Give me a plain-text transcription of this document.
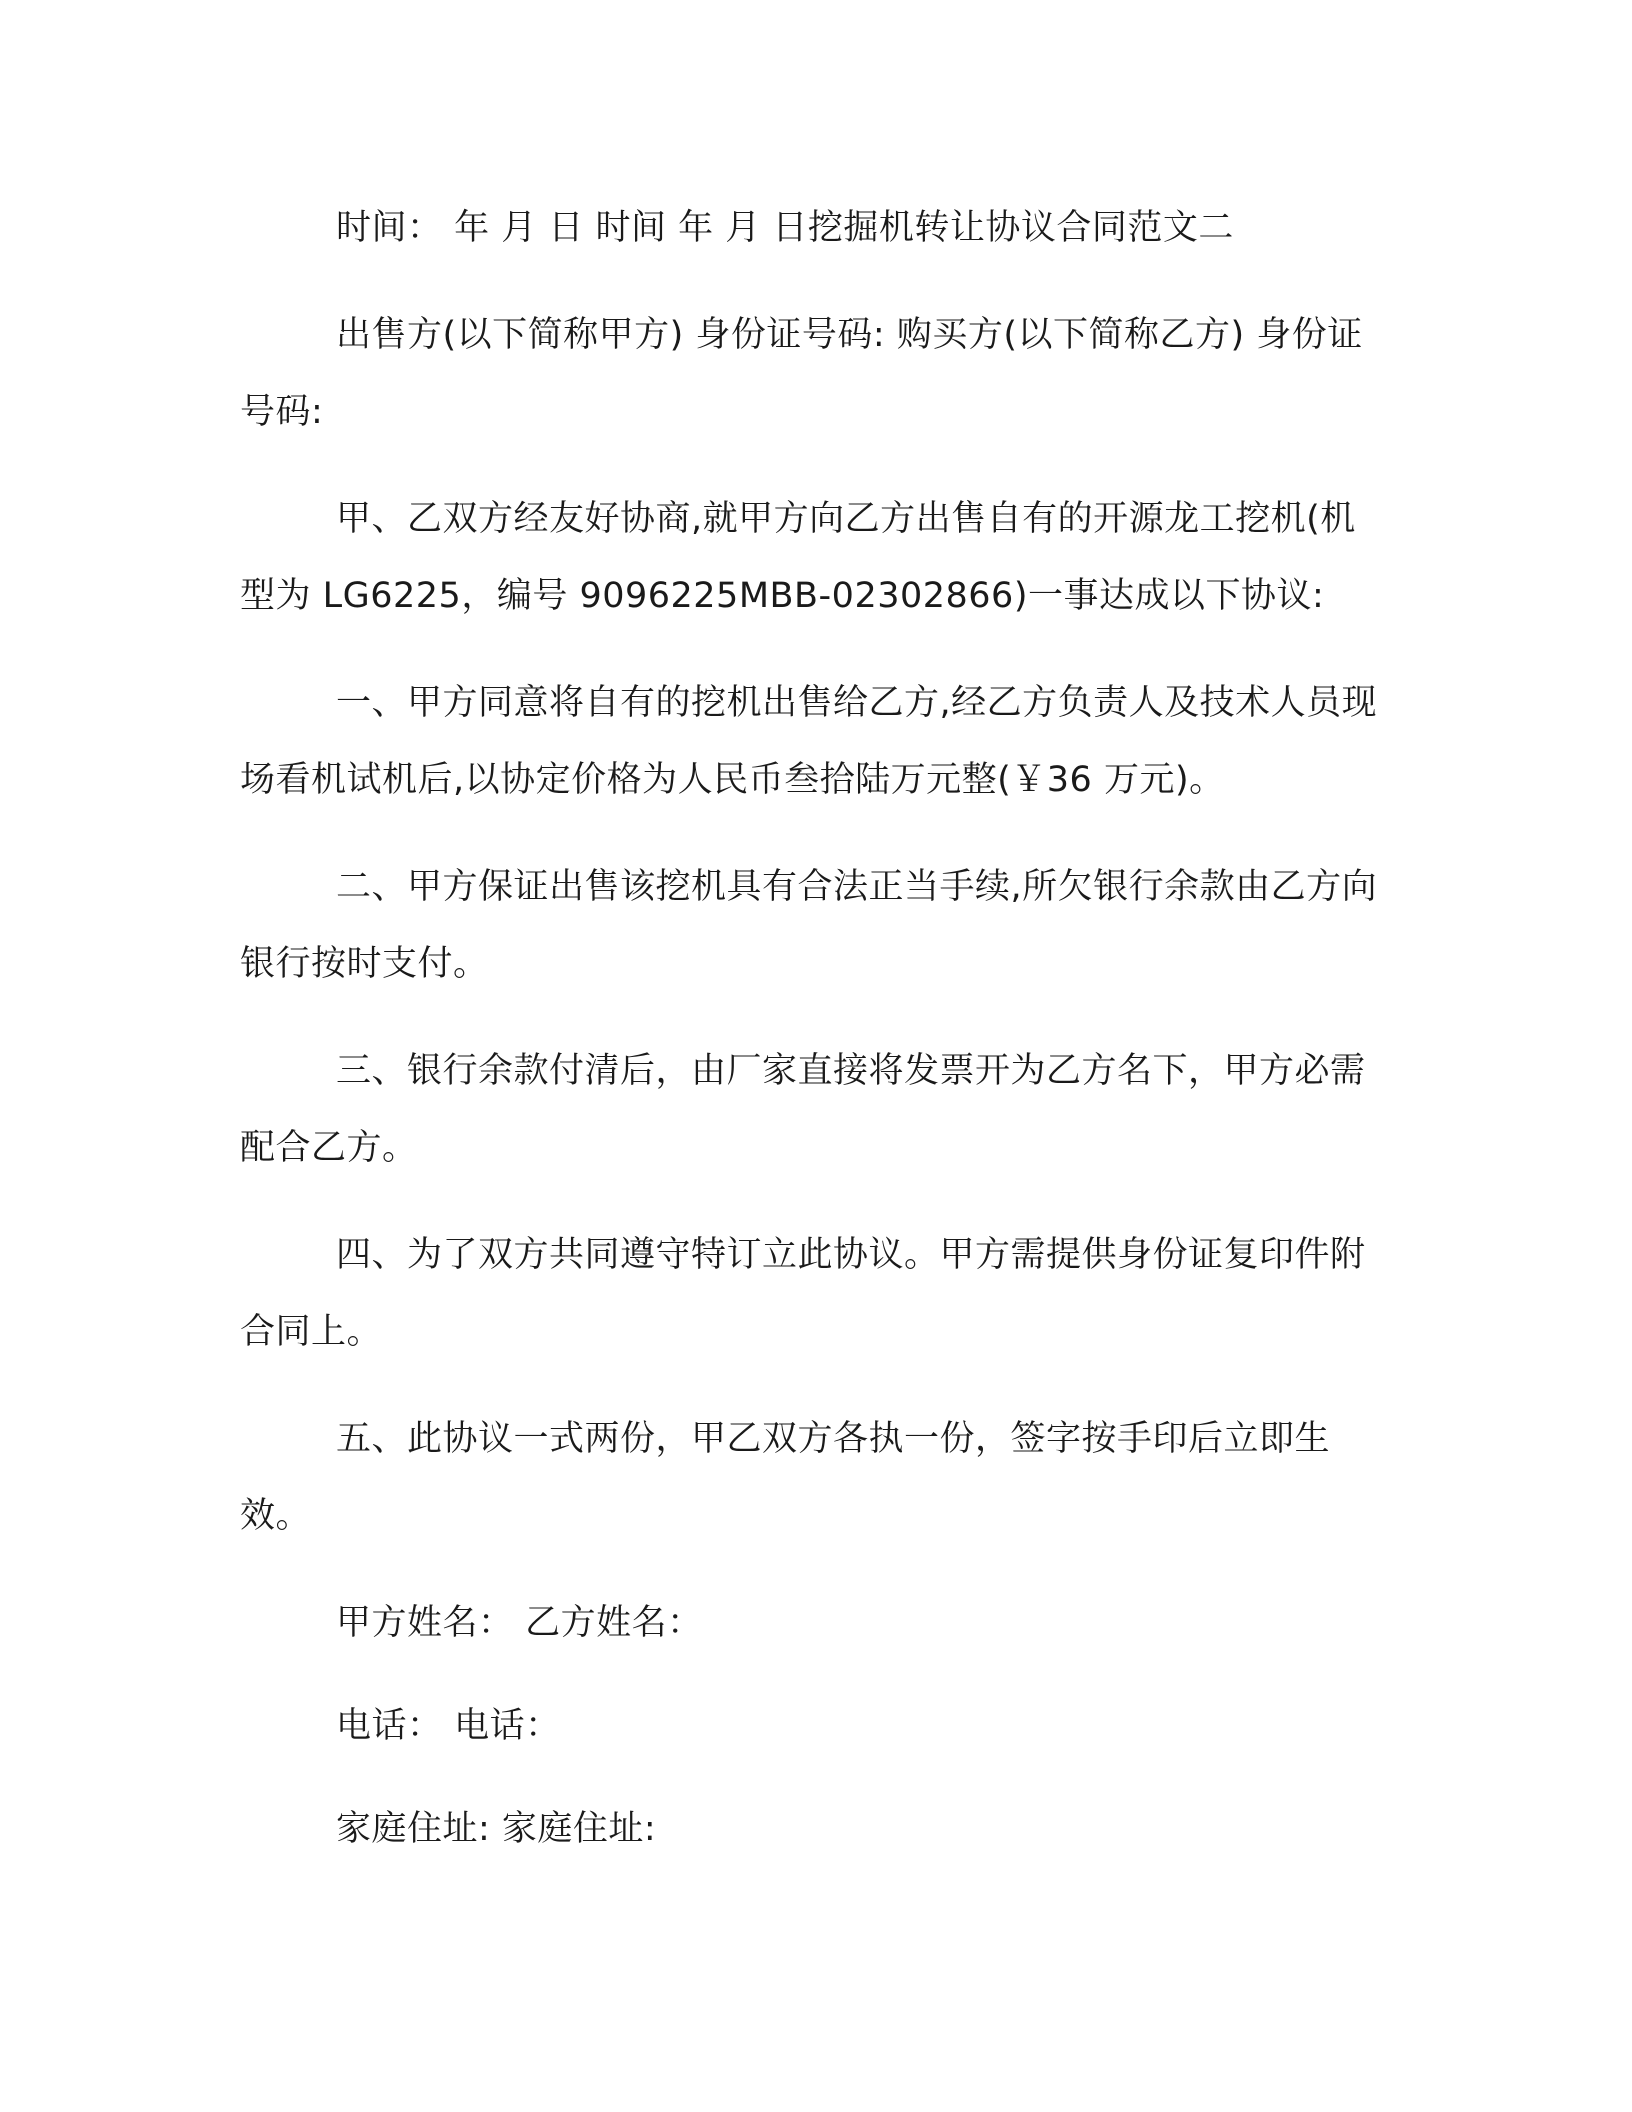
时间： 年 月 日 时间 年 月 日挖掘机转让协议合同范文二

出售方(以下简称甲方) 身份证号码: 购买方(以下简称乙方) 身份证号码:

甲、乙双方经友好协商,就甲方向乙方出售自有的开源龙工挖机(机型为 LG6225，编号 9096225MBB-02302866)一事达成以下协议:

一、甲方同意将自有的挖机出售给乙方,经乙方负责人及技术人员现场看机试机后,以协定价格为人民币叁拾陆万元整(￥36 万元)。

二、甲方保证出售该挖机具有合法正当手续,所欠银行余款由乙方向银行按时支付。

三、银行余款付清后，由厂家直接将发票开为乙方名下，甲方必需配合乙方。

四、为了双方共同遵守特订立此协议。甲方需提供身份证复印件附合同上。

五、此协议一式两份，甲乙双方各执一份，签字按手印后立即生效。

甲方姓名： 乙方姓名：

电话： 电话：

家庭住址: 家庭住址:
